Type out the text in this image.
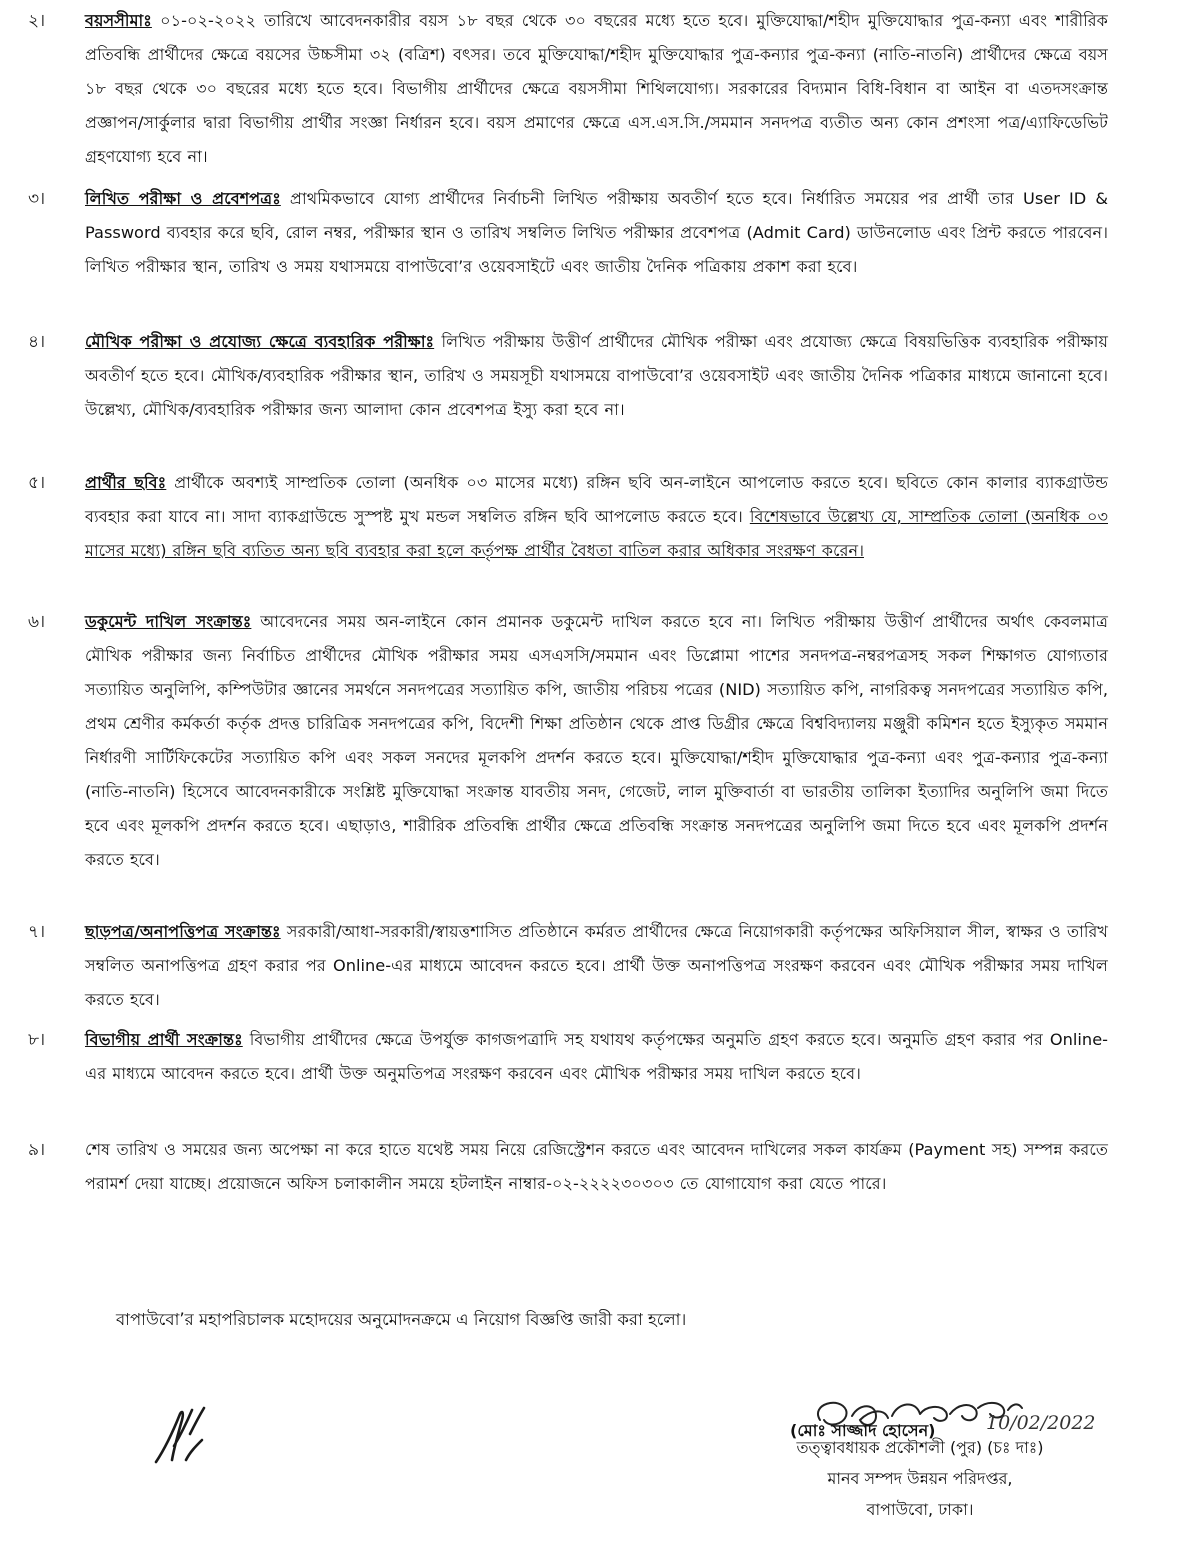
২।	বয়সসীমাঃ ০১-০২-২০২২ তারিখে আবেদনকারীর বয়স ১৮ বছর থেকে ৩০ বছরের মধ্যে হতে হবে। মুক্তিযোদ্ধা/শহীদ মুক্তিযোদ্ধার পুত্র-কন্যা এবং শারীরিক প্রতিবন্ধি প্রার্থীদের ক্ষেত্রে বয়সের উচ্চসীমা ৩২ (বত্রিশ) বৎসর। তবে মুক্তিযোদ্ধা/শহীদ মুক্তিযোদ্ধার পুত্র-কন্যার পুত্র-কন্যা (নাতি-নাতনি) প্রার্থীদের ক্ষেত্রে বয়স ১৮ বছর থেকে ৩০ বছরের মধ্যে হতে হবে। বিভাগীয় প্রার্থীদের ক্ষেত্রে বয়সসীমা শিথিলযোগ্য। সরকারের বিদ্যমান বিধি-বিধান বা আইন বা এতদসংক্রান্ত প্রজ্ঞাপন/সার্কুলার দ্বারা বিভাগীয় প্রার্থীর সংজ্ঞা নির্ধারন হবে। বয়স প্রমাণের ক্ষেত্রে এস.এস.সি./সমমান সনদপত্র ব্যতীত অন্য কোন প্রশংসা পত্র/এ্যাফিডেভিট গ্রহণযোগ্য হবে না।
৩।	লিখিত পরীক্ষা ও প্রবেশপত্রঃ প্রাথমিকভাবে যোগ্য প্রার্থীদের নির্বাচনী লিখিত পরীক্ষায় অবতীর্ণ হতে হবে। নির্ধারিত সময়ের পর প্রার্থী তার User ID & Password ব্যবহার করে ছবি, রোল নম্বর, পরীক্ষার স্থান ও তারিখ সম্বলিত লিখিত পরীক্ষার প্রবেশপত্র (Admit Card) ডাউনলোড এবং প্রিন্ট করতে পারবেন। লিখিত পরীক্ষার স্থান, তারিখ ও সময় যথাসময়ে বাপাউবো’র ওয়েবসাইটে এবং জাতীয় দৈনিক পত্রিকায় প্রকাশ করা হবে।
৪।	মৌখিক পরীক্ষা ও প্রযোজ্য ক্ষেত্রে ব্যবহারিক পরীক্ষাঃ লিখিত পরীক্ষায় উত্তীর্ণ প্রার্থীদের মৌখিক পরীক্ষা এবং প্রযোজ্য ক্ষেত্রে বিষয়ভিত্তিক ব্যবহারিক পরীক্ষায় অবতীর্ণ হতে হবে। মৌখিক/ব্যবহারিক পরীক্ষার স্থান, তারিখ ও সময়সূচী যথাসময়ে বাপাউবো’র ওয়েবসাইট এবং জাতীয় দৈনিক পত্রিকার মাধ্যমে জানানো হবে। উল্লেখ্য, মৌখিক/ব্যবহারিক পরীক্ষার জন্য আলাদা কোন প্রবেশপত্র ইস্যু করা হবে না।
৫।	প্রার্থীর ছবিঃ প্রার্থীকে অবশ্যই সাম্প্রতিক তোলা (অনধিক ০৩ মাসের মধ্যে) রঙ্গিন ছবি অন-লাইনে আপলোড করতে হবে। ছবিতে কোন কালার ব্যাকগ্রাউন্ড ব্যবহার করা যাবে না। সাদা ব্যাকগ্রাউন্ডে সুস্পষ্ট মুখ মন্ডল সম্বলিত রঙ্গিন ছবি আপলোড করতে হবে। বিশেষভাবে উল্লেখ্য যে, সাম্প্রতিক তোলা (অনধিক ০৩ মাসের মধ্যে) রঙ্গিন ছবি ব্যতিত অন্য ছবি ব্যবহার করা হলে কর্তৃপক্ষ প্রার্থীর বৈধতা বাতিল করার অধিকার সংরক্ষণ করেন।
৬।	ডকুমেন্ট দাখিল সংক্রান্তঃ আবেদনের সময় অন-লাইনে কোন প্রমানক ডকুমেন্ট দাখিল করতে হবে না। লিখিত পরীক্ষায় উত্তীর্ণ প্রার্থীদের অর্থাৎ কেবলমাত্র মৌখিক পরীক্ষার জন্য নির্বাচিত প্রার্থীদের মৌখিক পরীক্ষার সময় এসএসসি/সমমান এবং ডিপ্লোমা পাশের সনদপত্র-নম্বরপত্রসহ সকল শিক্ষাগত যোগ্যতার সত্যায়িত অনুলিপি, কম্পিউটার জ্ঞানের সমর্থনে সনদপত্রের সত্যায়িত কপি, জাতীয় পরিচয় পত্রের (NID) সত্যায়িত কপি, নাগরিকত্ব সনদপত্রের সত্যায়িত কপি, প্রথম শ্রেণীর কর্মকর্তা কর্তৃক প্রদত্ত চারিত্রিক সনদপত্রের কপি, বিদেশী শিক্ষা প্রতিষ্ঠান থেকে প্রাপ্ত ডিগ্রীর ক্ষেত্রে বিশ্ববিদ্যালয় মঞ্জুরী কমিশন হতে ইস্যুকৃত সমমান নির্ধারণী সার্টিফিকেটের সত্যায়িত কপি এবং সকল সনদের মূলকপি প্রদর্শন করতে হবে। মুক্তিযোদ্ধা/শহীদ মুক্তিযোদ্ধার পুত্র-কন্যা এবং পুত্র-কন্যার পুত্র-কন্যা (নাতি-নাতনি) হিসেবে আবেদনকারীকে সংশ্লিষ্ট মুক্তিযোদ্ধা সংক্রান্ত যাবতীয় সনদ, গেজেট, লাল মুক্তিবার্তা বা ভারতীয় তালিকা ইত্যাদির অনুলিপি জমা দিতে হবে এবং মূলকপি প্রদর্শন করতে হবে। এছাড়াও, শারীরিক প্রতিবন্ধি প্রার্থীর ক্ষেত্রে প্রতিবন্ধি সংক্রান্ত সনদপত্রের অনুলিপি জমা দিতে হবে এবং মূলকপি প্রদর্শন করতে হবে।
৭।	ছাড়পত্র/অনাপত্তিপত্র সংক্রান্তঃ সরকারী/আধা-সরকারী/স্বায়ত্তশাসিত প্রতিষ্ঠানে কর্মরত প্রার্থীদের ক্ষেত্রে নিয়োগকারী কর্তৃপক্ষের অফিসিয়াল সীল, স্বাক্ষর ও তারিখ সম্বলিত অনাপত্তিপত্র গ্রহণ করার পর Online-এর মাধ্যমে আবেদন করতে হবে। প্রার্থী উক্ত অনাপত্তিপত্র সংরক্ষণ করবেন এবং মৌখিক পরীক্ষার সময় দাখিল করতে হবে।
৮।	বিভাগীয় প্রার্থী সংক্রান্তঃ বিভাগীয় প্রার্থীদের ক্ষেত্রে উপর্যুক্ত কাগজপত্রাদি সহ যথাযথ কর্তৃপক্ষের অনুমতি গ্রহণ করতে হবে। অনুমতি গ্রহণ করার পর Online-এর মাধ্যমে আবেদন করতে হবে। প্রার্থী উক্ত অনুমতিপত্র সংরক্ষণ করবেন এবং মৌখিক পরীক্ষার সময় দাখিল করতে হবে।
৯।	শেষ তারিখ ও সময়ের জন্য অপেক্ষা না করে হাতে যথেষ্ট সময় নিয়ে রেজিস্ট্রেশন করতে এবং আবেদন দাখিলের সকল কার্যক্রম (Payment সহ) সম্পন্ন করতে পরামর্শ দেয়া যাচ্ছে। প্রয়োজনে অফিস চলাকালীন সময়ে হটলাইন নাম্বার-০২-২২২২৩০৩০৩ তে যোগাযোগ করা যেতে পারে।
বাপাউবো’র মহাপরিচালক মহোদয়ের অনুমোদনক্রমে এ নিয়োগ বিজ্ঞপ্তি জারী করা হলো।
(মোঃ সাজ্জাদ হোসেন)	10/02/2022
তত্ত্বাবধায়ক প্রকৌশলী (পুর) (চঃ দাঃ)
মানব সম্পদ উন্নয়ন পরিদপ্তর,
বাপাউবো, ঢাকা।
